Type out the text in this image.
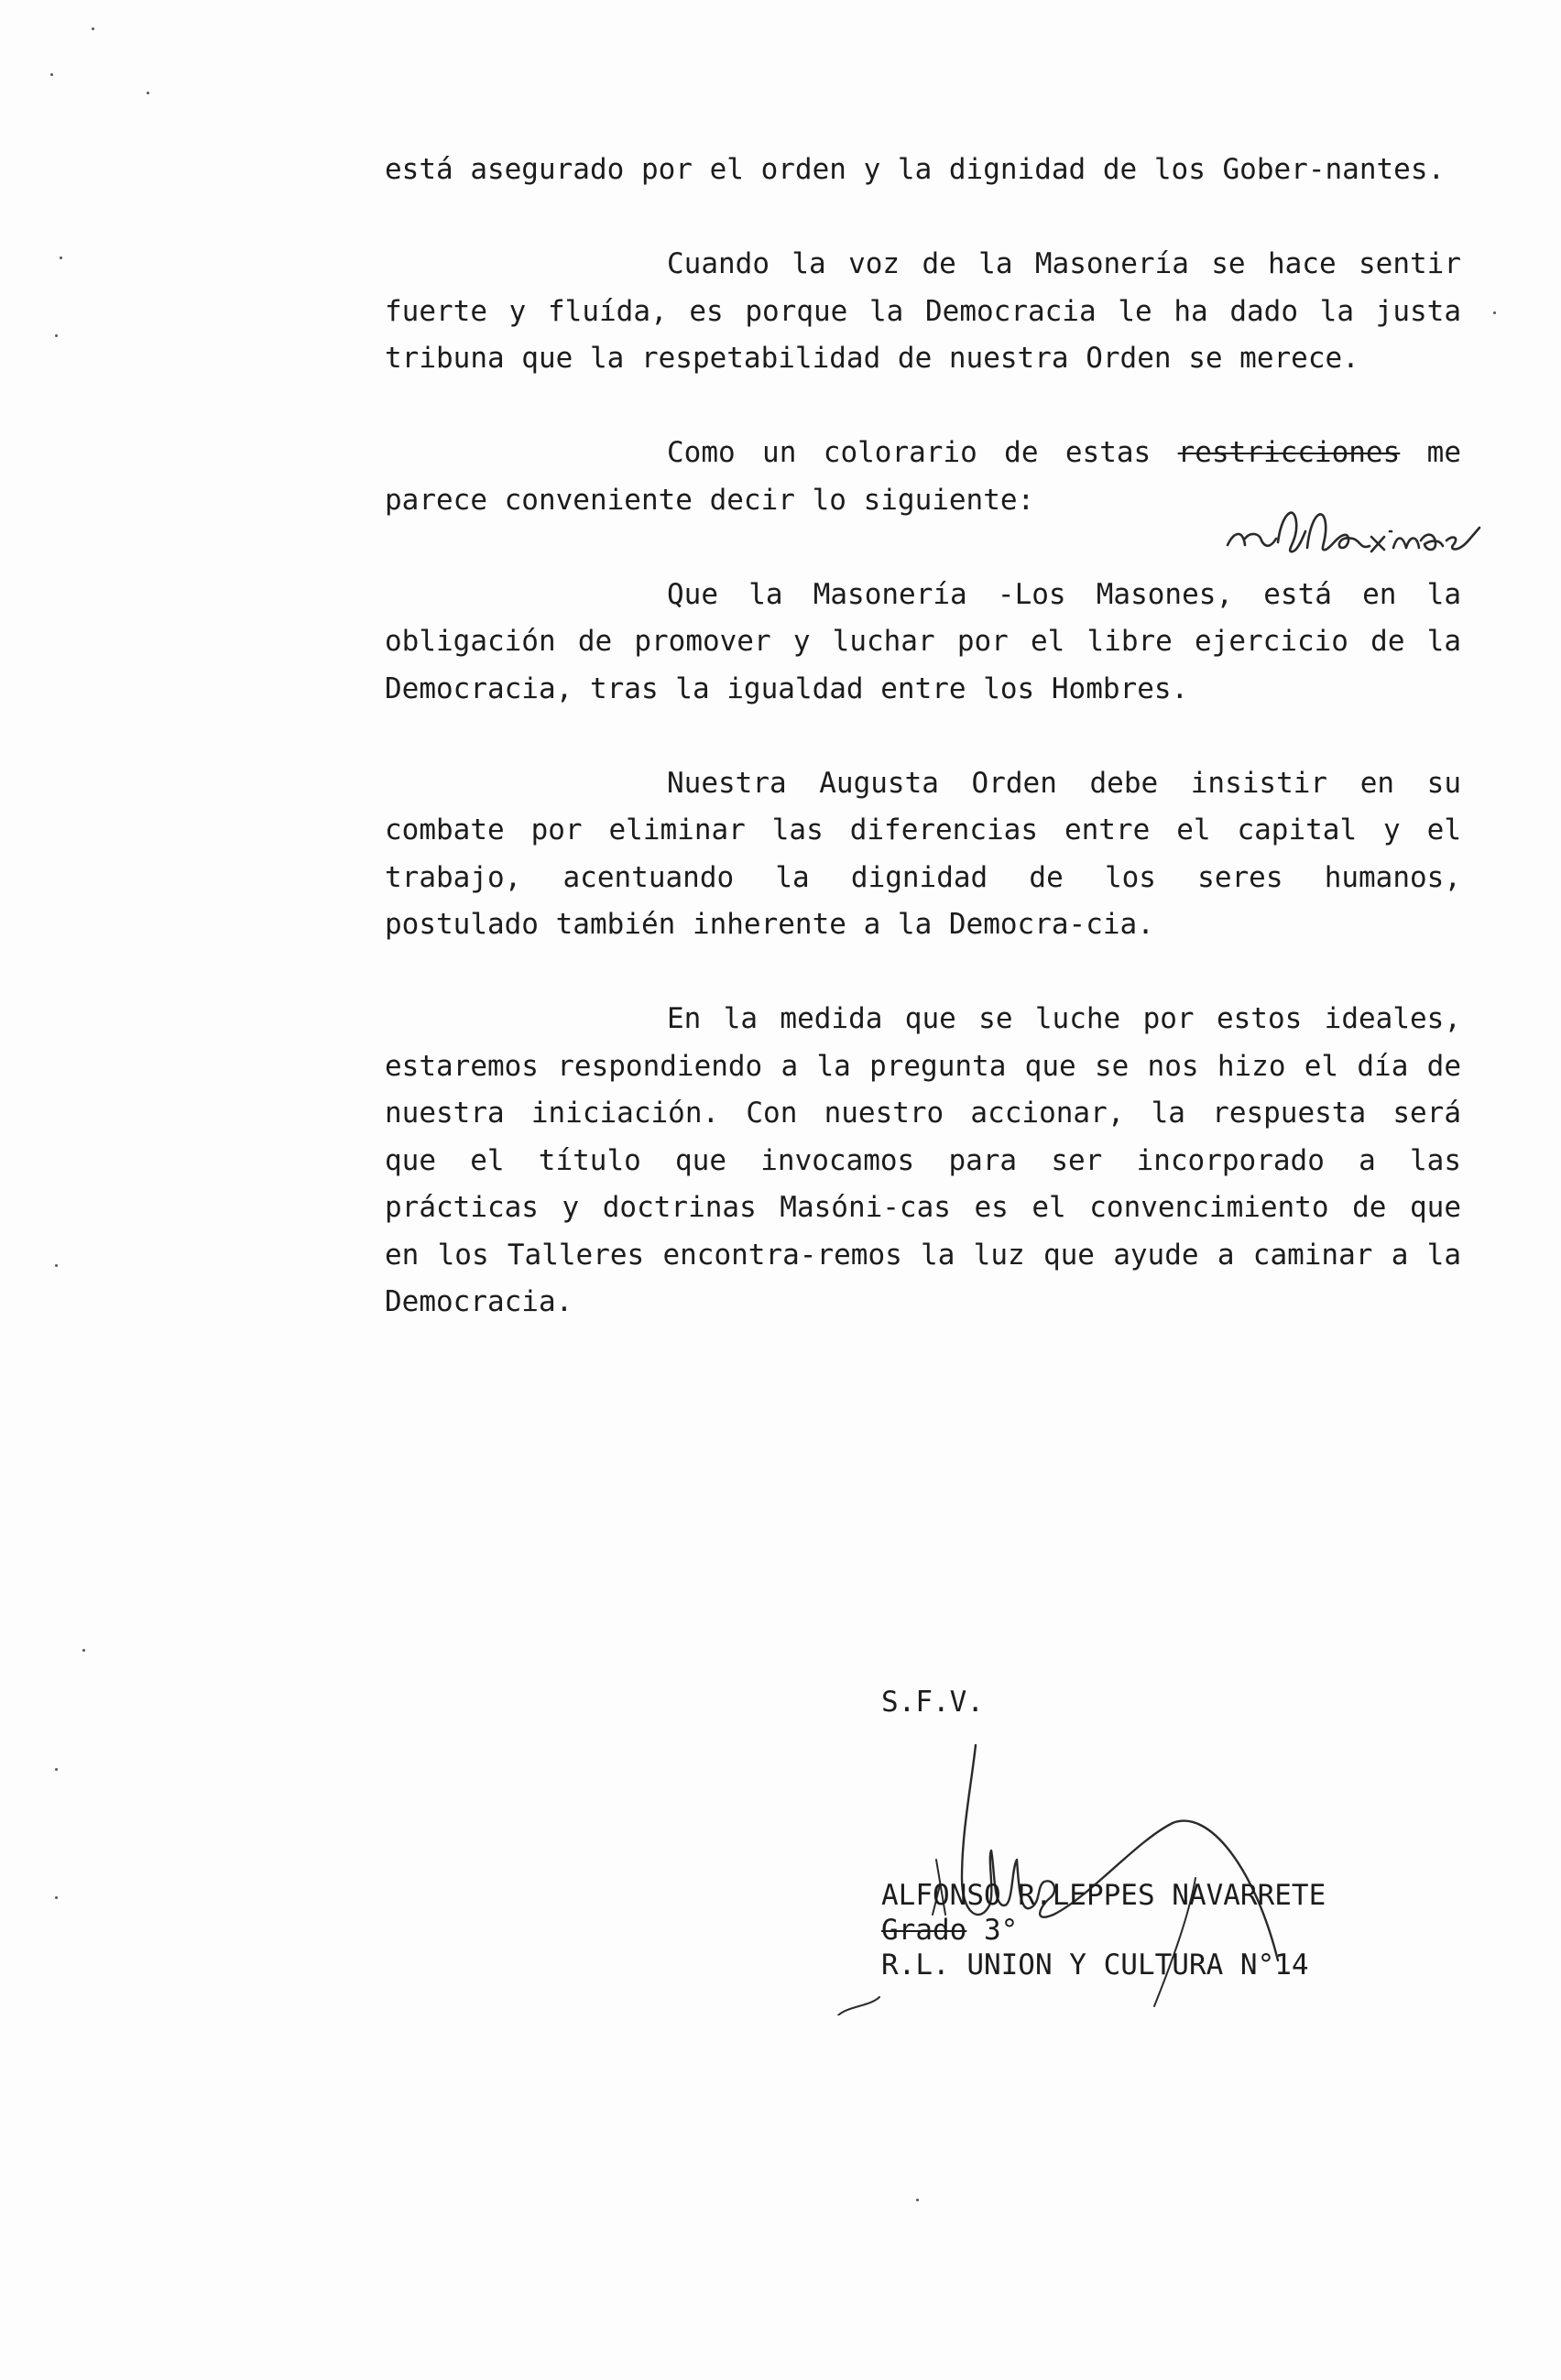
está asegurado por el orden y la dignidad de los Gober-nantes.

Cuando la voz de la Masonería se hace sentir fuerte y fluída, es porque la Democracia le ha dado la justa tribuna que la respetabilidad de nuestra Orden se merece.

Como un colorario de estas restricciones me parece conveniente decir lo siguiente:

Que la Masonería -Los Masones, está en la obligación de promover y luchar por el libre ejercicio de la Democracia, tras la igualdad entre los Hombres.

Nuestra Augusta Orden debe insistir en su combate por eliminar las diferencias entre el capital y el trabajo, acentuando la dignidad de los seres humanos, postulado también inherente a la Democra-cia.

En la medida que se luche por estos ideales, estaremos respondiendo a la pregunta que se nos hizo el día de nuestra iniciación. Con nuestro accionar, la respuesta será que el título que invocamos para ser incorporado a las prácticas y doctrinas Masóni-cas es el convencimiento de que en los Talleres encontra-remos la luz que ayude a caminar a la Democracia.

S.F.V.
ALFONSO R.LEPPES NAVARRETE
Grado 3°
R.L. UNION Y CULTURA N°14
